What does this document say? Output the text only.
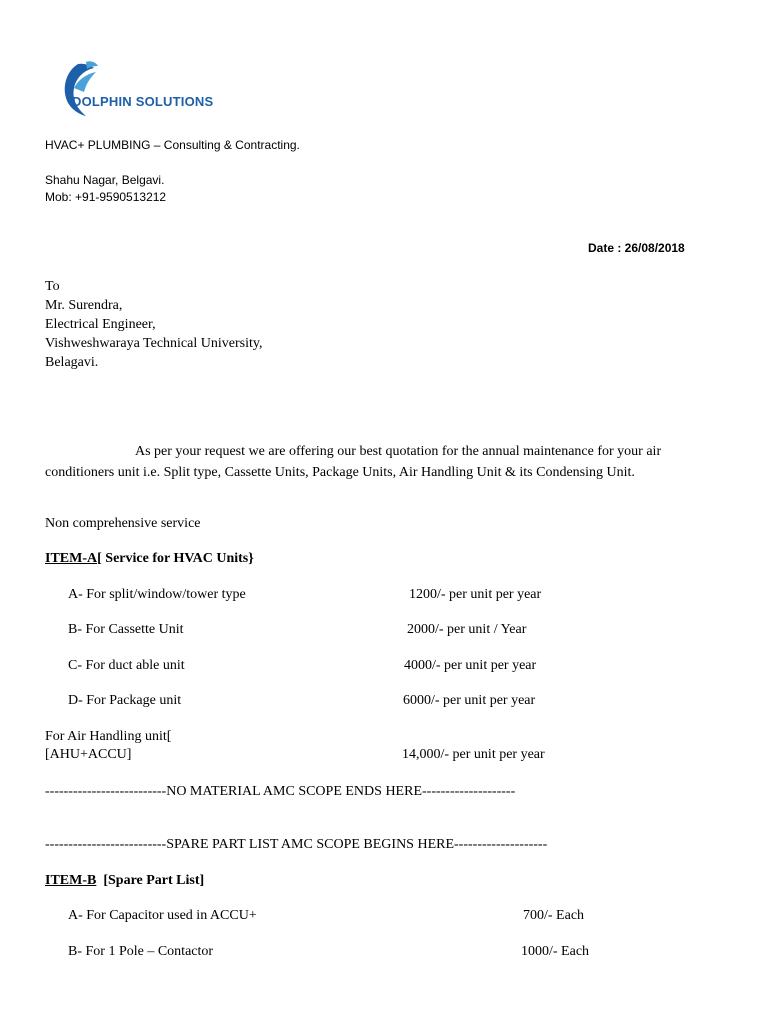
DOLPHIN SOLUTIONS
HVAC+ PLUMBING – Consulting & Contracting.
Shahu Nagar, Belgavi.
Mob: +91-9590513212
Date : 26/08/2018
To
Mr. Surendra,
Electrical Engineer,
Vishweshwaraya Technical University,
Belagavi.
As per your request we are offering our best quotation for the annual maintenance for your air
conditioners unit i.e. Split type, Cassette Units, Package Units, Air Handling Unit & its Condensing Unit.
Non comprehensive service
ITEM-A[ Service for HVAC Units}
A- For split/window/tower type	1200/- per unit per year
B- For Cassette Unit	2000/- per unit / Year
C- For duct able unit	4000/- per unit per year
D- For Package unit	6000/- per unit per year
For Air Handling unit[
[AHU+ACCU]	14,000/- per unit per year
--------------------------NO MATERIAL AMC SCOPE ENDS HERE--------------------
--------------------------SPARE PART LIST AMC SCOPE BEGINS HERE--------------------
ITEM-B  [Spare Part List]
A- For Capacitor used in ACCU+	700/- Each
B- For 1 Pole – Contactor	1000/- Each
